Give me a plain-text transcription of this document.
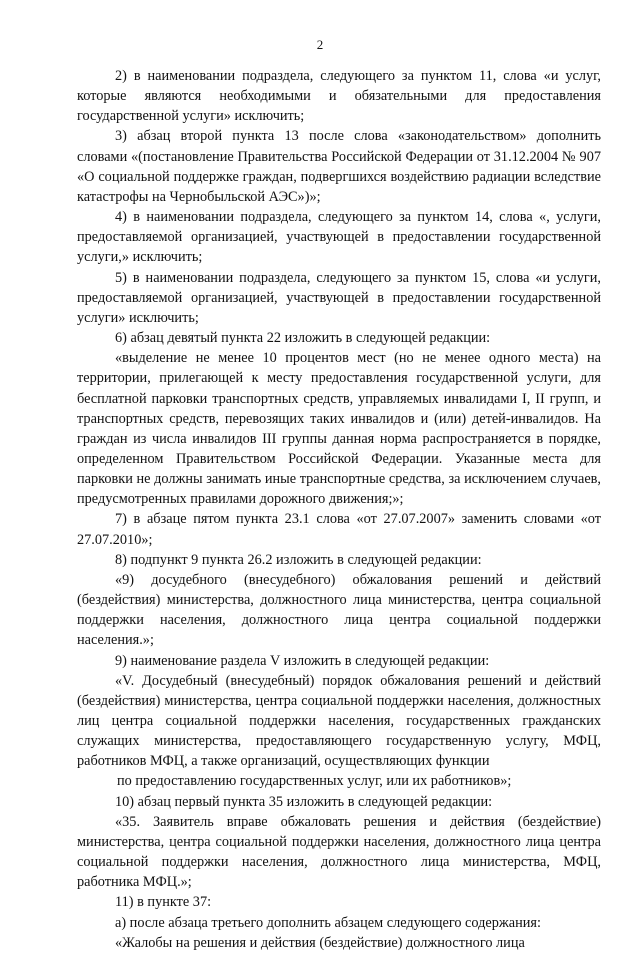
2

2) в наименовании подраздела, следующего за пунктом 11, слова «и услуг, которые являются необходимыми и обязательными для предоставления государственной услуги» исключить;

3) абзац второй пункта 13 после слова «законодательством» дополнить словами «(постановление Правительства Российской Федерации от 31.12.2004 № 907 «О социальной поддержке граждан, подвергшихся воздействию радиации вследствие катастрофы на Чернобыльской АЭС»)»;

4) в наименовании подраздела, следующего за пунктом 14, слова «, услуги, предоставляемой организацией, участвующей в предоставлении государственной услуги,» исключить;

5) в наименовании подраздела, следующего за пунктом 15, слова «и услуги, предоставляемой организацией, участвующей в предоставлении государственной услуги» исключить;

6) абзац девятый пункта 22 изложить в следующей редакции:

«выделение не менее 10 процентов мест (но не менее одного места) на территории, прилегающей к месту предоставления государственной услуги, для бесплатной парковки транспортных средств, управляемых инвалидами I, II групп, и транспортных средств, перевозящих таких инвалидов и (или) детей-инвалидов. На граждан из числа инвалидов III группы данная норма распространяется в порядке, определенном Правительством Российской Федерации. Указанные места для парковки не должны занимать иные транспортные средства, за исключением случаев, предусмотренных правилами дорожного движения;»;

7) в абзаце пятом пункта 23.1 слова «от 27.07.2007» заменить словами «от 27.07.2010»;

8) подпункт 9 пункта 26.2 изложить в следующей редакции:

«9) досудебного (внесудебного) обжалования решений и действий (бездействия) министерства, должностного лица министерства, центра социальной поддержки населения, должностного лица центра социальной поддержки населения.»;

9) наименование раздела V изложить в следующей редакции:

«V. Досудебный (внесудебный) порядок обжалования решений и действий (бездействия) министерства, центра социальной поддержки населения, должностных лиц центра социальной поддержки населения, государственных гражданских служащих министерства, предоставляющего государственную услугу, МФЦ, работников МФЦ, а также организаций, осуществляющих функции

по предоставлению государственных услуг, или их работников»;

10) абзац первый пункта 35 изложить в следующей редакции:

«35. Заявитель вправе обжаловать решения и действия (бездействие) министерства, центра социальной поддержки населения, должностного лица центра социальной поддержки населения, должностного лица министерства, МФЦ, работника МФЦ.»;

11) в пункте 37:

а) после абзаца третьего дополнить абзацем следующего содержания:

«Жалобы на решения и действия (бездействие) должностного лица
